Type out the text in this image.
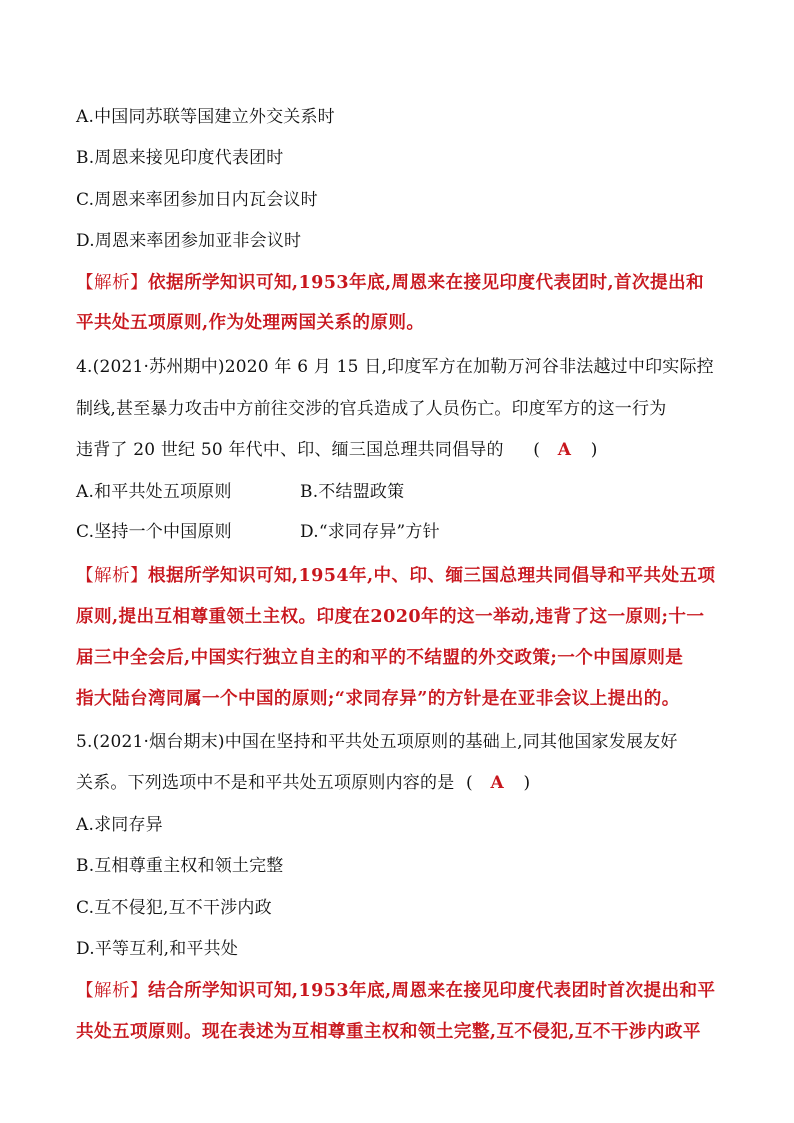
A.中国同苏联等国建立外交关系时
B.周恩来接见印度代表团时
C.周恩来率团参加日内瓦会议时
D.周恩来率团参加亚非会议时
【解析】依据所学知识可知,1953年底,周恩来在接见印度代表团时,首次提出和
平共处五项原则,作为处理两国关系的原则。
4.(2021·苏州期中)2020 年 6 月 15 日,印度军方在加勒万河谷非法越过中印实际控
制线,甚至暴力攻击中方前往交涉的官兵造成了人员伤亡。印度军方的这一行为
违背了 20 世纪 50 年代中、印、缅三国总理共同倡导的 ( A )
A.和平共处五项原则	B.不结盟政策
C.坚持一个中国原则	D.“求同存异”方针
【解析】根据所学知识可知,1954年,中、印、缅三国总理共同倡导和平共处五项
原则,提出互相尊重领土主权。印度在2020年的这一举动,违背了这一原则;十一
届三中全会后,中国实行独立自主的和平的不结盟的外交政策;一个中国原则是
指大陆台湾同属一个中国的原则;“求同存异”的方针是在亚非会议上提出的。
5.(2021·烟台期末)中国在坚持和平共处五项原则的基础上,同其他国家发展友好
关系。下列选项中不是和平共处五项原则内容的是 ( A )
A.求同存异
B.互相尊重主权和领土完整
C.互不侵犯,互不干涉内政
D.平等互利,和平共处
【解析】结合所学知识可知,1953年底,周恩来在接见印度代表团时首次提出和平
共处五项原则。现在表述为互相尊重主权和领土完整,互不侵犯,互不干涉内政平
